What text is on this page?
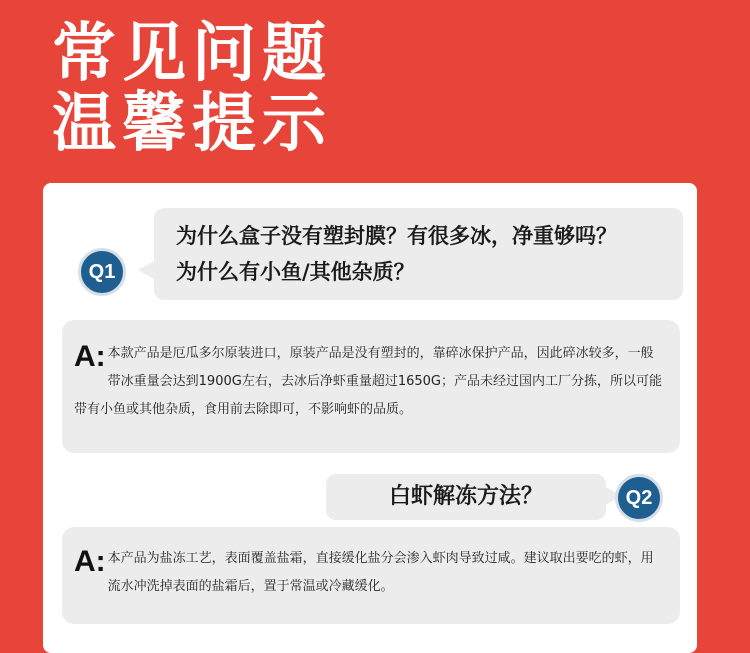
常见问题
温馨提示
为什么盒子没有塑封膜？有很多冰，净重够吗？
为什么有小鱼/其他杂质？
Q1
A: 本款产品是厄瓜多尔原装进口，原装产品是没有塑封的，靠碎冰保护产品，因此碎冰较多，一般带冰重量会达到1900G左右，去冰后净虾重量超过1650G；产品未经过国内工厂分拣，所以可能带有小鱼或其他杂质，食用前去除即可，不影响虾的品质。
白虾解冻方法？	Q2
A: 本产品为盐冻工艺，表面覆盖盐霜，直接缓化盐分会渗入虾肉导致过咸。建议取出要吃的虾，用流水冲洗掉表面的盐霜后，置于常温或冷藏缓化。
